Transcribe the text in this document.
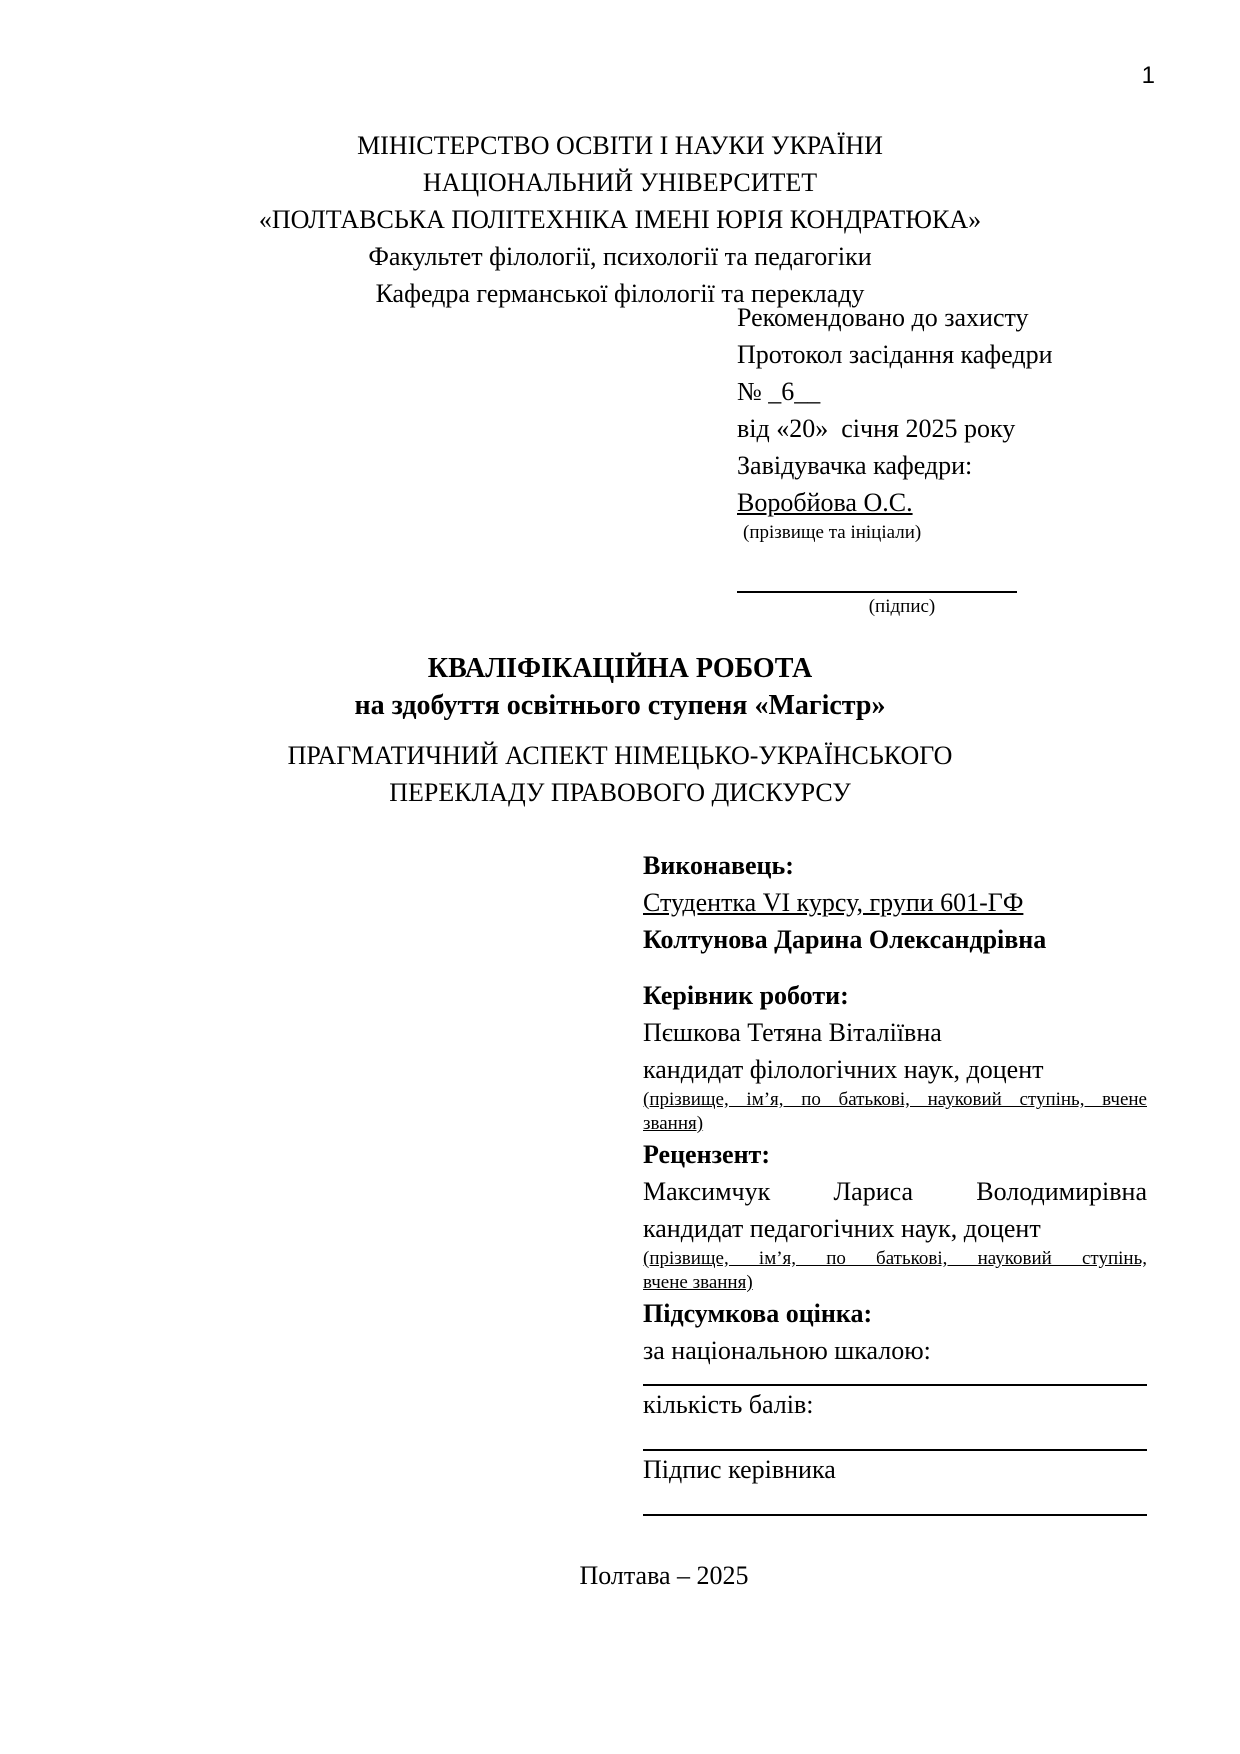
1
МІНІСТЕРСТВО ОСВІТИ І НАУКИ УКРАЇНИ
НАЦІОНАЛЬНИЙ УНІВЕРСИТЕТ
«ПОЛТАВСЬКА ПОЛІТЕХНІКА ІМЕНІ ЮРІЯ КОНДРАТЮКА»
Факультет філології, психології та педагогіки
Кафедра германської філології та перекладу
Рекомендовано до захисту
Протокол засідання кафедри
№ _6__
від «20»  січня 2025 року
Завідувачка кафедри:
Воробйова О.С.
(прізвище та ініціали)
(підпис)
КВАЛІФІКАЦІЙНА РОБОТА
на здобуття освітнього ступеня «Магістр»
ПРАГМАТИЧНИЙ АСПЕКТ НІМЕЦЬКО-УКРАЇНСЬКОГО
ПЕРЕКЛАДУ ПРАВОВОГО ДИСКУРСУ
Виконавець:
Студентка VI курсу, групи 601-ГФ
Колтунова Дарина Олександрівна
Керівник роботи:
Пєшкова Тетяна Віталіївна
кандидат філологічних наук, доцент
(прізвище, ім’я, по батькові, науковий ступінь, вчене
звання)
Рецензент:
Максимчук Лариса Володимирівна
кандидат педагогічних наук, доцент
(прізвище, ім’я, по батькові, науковий ступінь,
вчене звання)
Підсумкова оцінка:
за національною шкалою:
кількість балів:
Підпис керівника
Полтава – 2025
